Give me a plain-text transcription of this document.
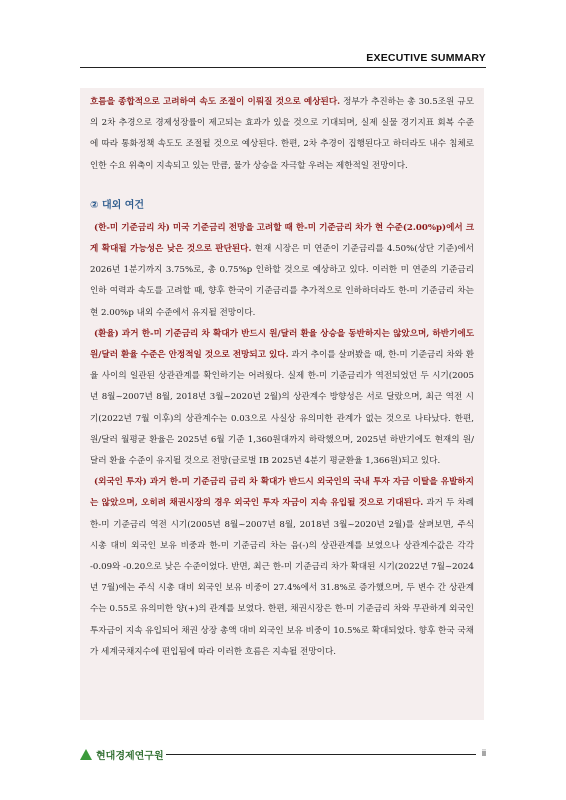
EXECUTIVE SUMMARY

흐름을 종합적으로 고려하여 속도 조절이 이뤄질 것으로 예상된다. 정부가 추진하는 총 30.5조원 규모의 2차 추경으로 경제성장률이 제고되는 효과가 있을 것으로 기대되며, 실제 실물 경기지표 회복 수준에 따라 통화정책 속도도 조절될 것으로 예상된다. 한편, 2차 추경이 집행된다고 하더라도 내수 침체로 인한 수요 위축이 지속되고 있는 만큼, 물가 상승을 자극할 우려는 제한적일 전망이다.

② 대외 여건

(한-미 기준금리 차) 미국 기준금리 전망을 고려할 때 한-미 기준금리 차가 현 수준(2.00%p)에서 크게 확대될 가능성은 낮은 것으로 판단된다. 현재 시장은 미 연준이 기준금리를 4.50%(상단 기준)에서 2026년 1분기까지 3.75%로, 총 0.75%p 인하할 것으로 예상하고 있다. 이러한 미 연준의 기준금리 인하 여력과 속도를 고려할 때, 향후 한국이 기준금리를 추가적으로 인하하더라도 한-미 기준금리 차는 현 2.00%p 내외 수준에서 유지될 전망이다.

(환율) 과거 한-미 기준금리 차 확대가 반드시 원/달러 환율 상승을 동반하지는 않았으며, 하반기에도 원/달러 환율 수준은 안정적일 것으로 전망되고 있다. 과거 추이를 살펴봤을 때, 한-미 기준금리 차와 환율 사이의 일관된 상관관계를 확인하기는 어려웠다. 실제 한-미 기준금리가 역전되었던 두 시기(2005년 8월~2007년 8월, 2018년 3월~2020년 2월)의 상관계수 방향성은 서로 달랐으며, 최근 역전 시기(2022년 7월 이후)의 상관계수는 0.03으로 사실상 유의미한 관계가 없는 것으로 나타났다. 한편, 원/달러 월평균 환율은 2025년 6월 기준 1,360원대까지 하락했으며, 2025년 하반기에도 현재의 원/달러 환율 수준이 유지될 것으로 전망(글로벌 IB 2025년 4분기 평균환율 1,366원)되고 있다.

(외국인 투자) 과거 한-미 기준금리 금리 차 확대가 반드시 외국인의 국내 투자 자금 이탈을 유발하지는 않았으며, 오히려 채권시장의 경우 외국인 투자 자금이 지속 유입될 것으로 기대된다. 과거 두 차례 한-미 기준금리 역전 시기(2005년 8월~2007년 8월, 2018년 3월~2020년 2월)를 살펴보면, 주식 시총 대비 외국인 보유 비중과 한-미 기준금리 차는 음(-)의 상관관계를 보였으나 상관계수값은 각각 -0.09와 -0.20으로 낮은 수준이었다. 반면, 최근 한-미 기준금리 차가 확대된 시기(2022년 7월~2024년 7월)에는 주식 시총 대비 외국인 보유 비중이 27.4%에서 31.8%로 증가했으며, 두 변수 간 상관계수는 0.55로 유의미한 양(+)의 관계를 보였다. 한편, 채권시장은 한-미 기준금리 차와 무관하게 외국인 투자금이 지속 유입되어 채권 상장 총액 대비 외국인 보유 비중이 10.5%로 확대되었다. 향후 한국 국채가 세계국채지수에 편입됨에 따라 이러한 흐름은 지속될 전망이다.

현대경제연구원	ii
